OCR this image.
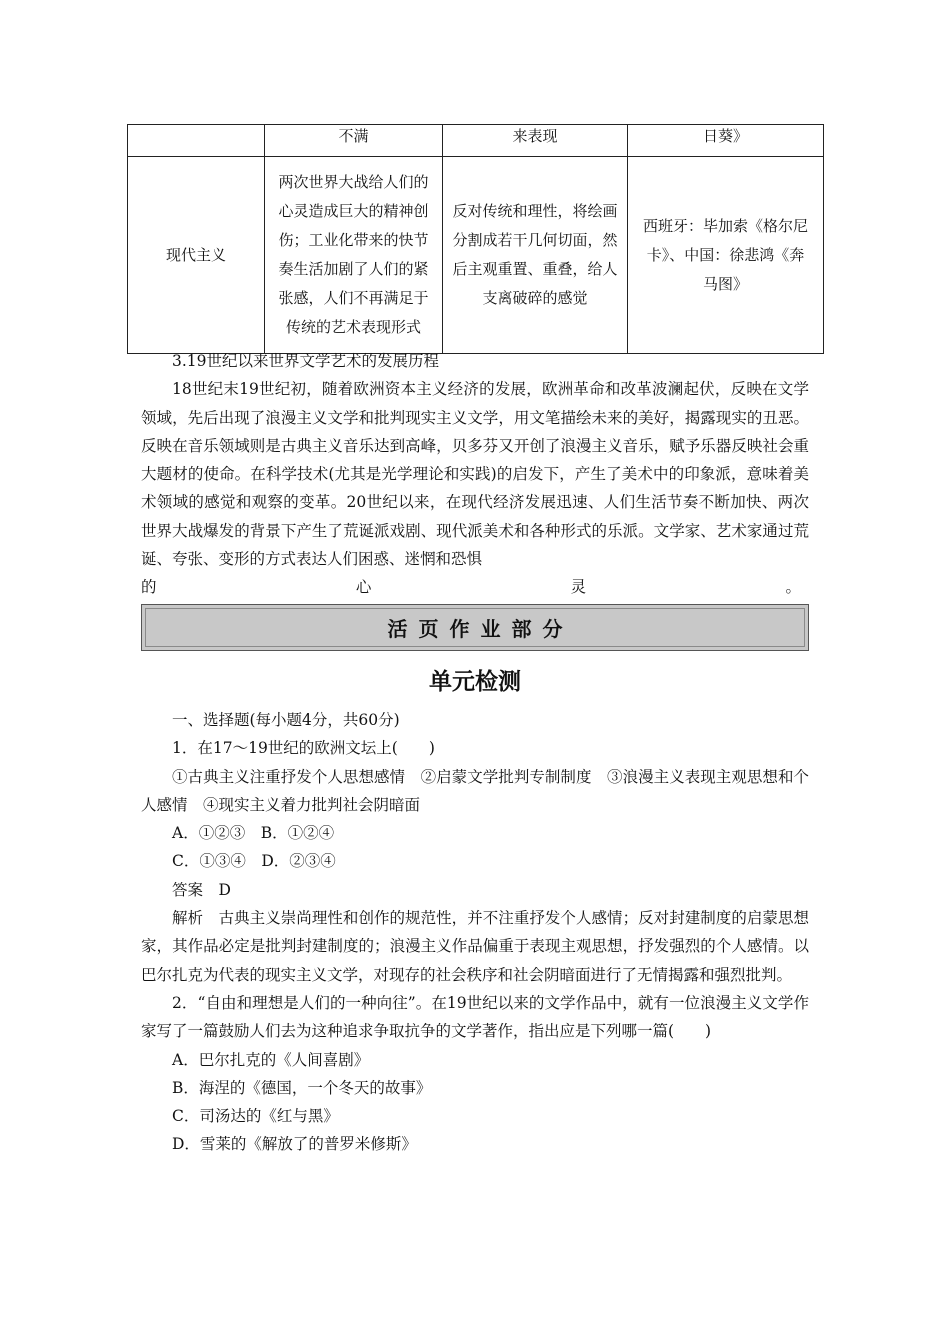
	不满	来表现	日葵》
现代主义	两次世界大战给人们的心灵造成巨大的精神创伤；工业化带来的快节奏生活加剧了人们的紧张感，人们不再满足于传统的艺术表现形式	反对传统和理性，将绘画分割成若干几何切面，然后主观重置、重叠，给人支离破碎的感觉	西班牙：毕加索《格尔尼卡》、中国：徐悲鸿《奔马图》

3.19世纪以来世界文学艺术的发展历程

18世纪末19世纪初，随着欧洲资本主义经济的发展，欧洲革命和改革波澜起伏，反映在文学领域，先后出现了浪漫主义文学和批判现实主义文学，用文笔描绘未来的美好，揭露现实的丑恶。反映在音乐领域则是古典主义音乐达到高峰，贝多芬又开创了浪漫主义音乐，赋予乐器反映社会重大题材的使命。在科学技术(尤其是光学理论和实践)的启发下，产生了美术中的印象派，意味着美术领域的感觉和观察的变革。20世纪以来，在现代经济发展迅速、人们生活节奏不断加快、两次世界大战爆发的背景下产生了荒诞派戏剧、现代派美术和各种形式的乐派。文学家、艺术家通过荒诞、夸张、变形的方式表达人们困惑、迷惘和恐惧

的	心	灵	。
活页作业部分
单元检测

一、选择题(每小题4分，共60分)

1．在17～19世纪的欧洲文坛上(　　)

①古典主义注重抒发个人思想感情　②启蒙文学批判专制制度　③浪漫主义表现主观思想和个人感情　④现实主义着力批判社会阴暗面

A．①②③　B．①②④

C．①③④　D．②③④

答案　D

解析　古典主义崇尚理性和创作的规范性，并不注重抒发个人感情；反对封建制度的启蒙思想家，其作品必定是批判封建制度的；浪漫主义作品偏重于表现主观思想，抒发强烈的个人感情。以巴尔扎克为代表的现实主义文学，对现存的社会秩序和社会阴暗面进行了无情揭露和强烈批判。

2．“自由和理想是人们的一种向往”。在19世纪以来的文学作品中，就有一位浪漫主义文学作家写了一篇鼓励人们去为这种追求争取抗争的文学著作，指出应是下列哪一篇(　　)

A．巴尔扎克的《人间喜剧》

B．海涅的《德国，一个冬天的故事》

C．司汤达的《红与黑》

D．雪莱的《解放了的普罗米修斯》
